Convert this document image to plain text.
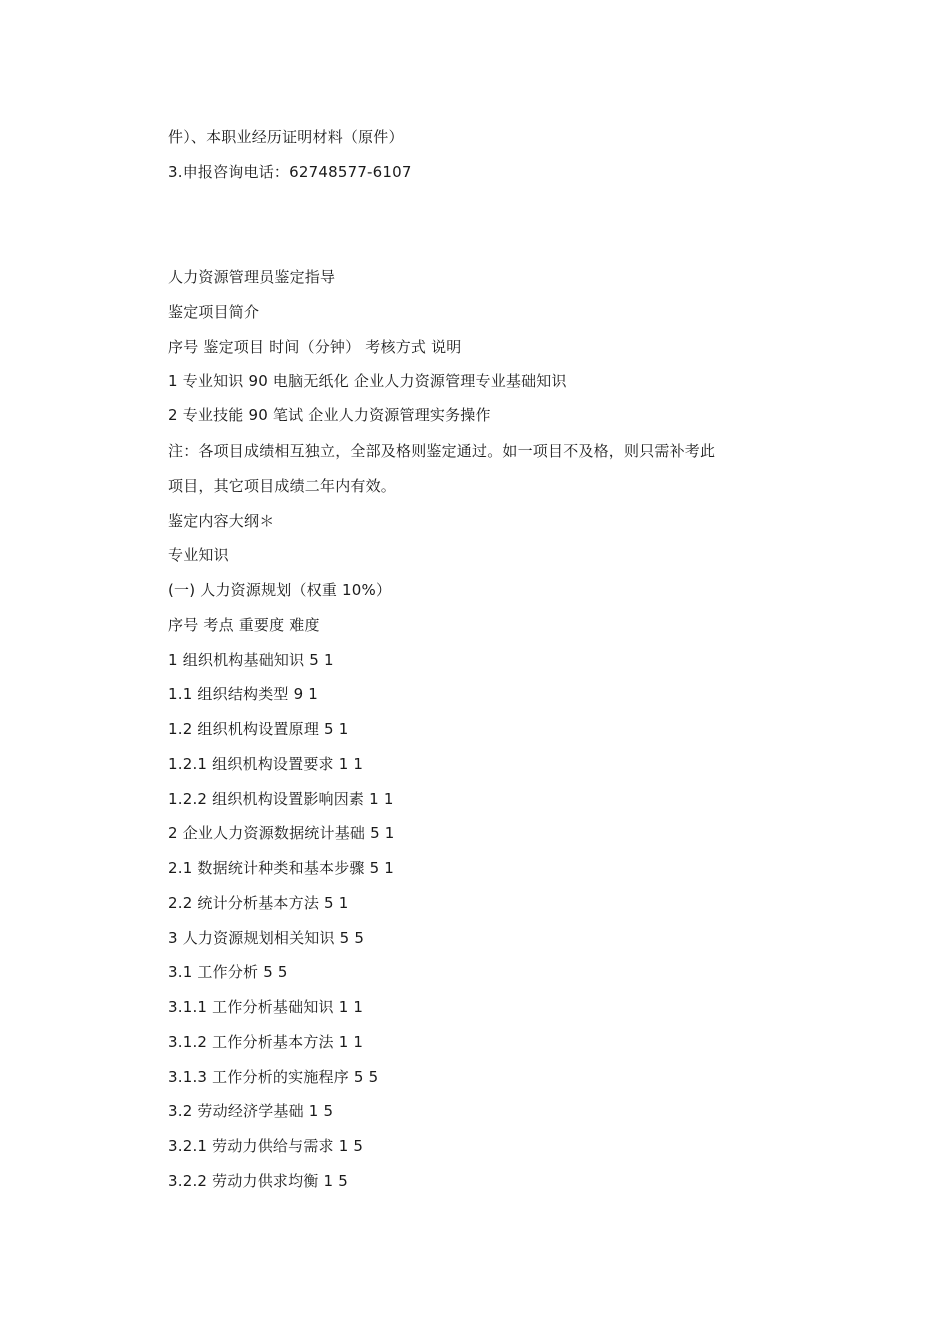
件）、本职业经历证明材料（原件）
3.申报咨询电话：62748577-6107
人力资源管理员鉴定指导
鉴定项目简介
序号 鉴定项目 时间（分钟） 考核方式 说明
1 专业知识 90 电脑无纸化 企业人力资源管理专业基础知识
2 专业技能 90 笔试 企业人力资源管理实务操作
注：各项目成绩相互独立，全部及格则鉴定通过。如一项目不及格，则只需补考此
项目，其它项目成绩二年内有效。
鉴定内容大纲＊
专业知识
(一) 人力资源规划（权重 10%）
序号 考点 重要度 难度
1 组织机构基础知识 5 1
1.1 组织结构类型 9 1
1.2 组织机构设置原理 5 1
1.2.1 组织机构设置要求 1 1
1.2.2 组织机构设置影响因素 1 1
2 企业人力资源数据统计基础 5 1
2.1 数据统计种类和基本步骤 5 1
2.2 统计分析基本方法 5 1
3 人力资源规划相关知识 5 5
3.1 工作分析 5 5
3.1.1 工作分析基础知识 1 1
3.1.2 工作分析基本方法 1 1
3.1.3 工作分析的实施程序 5 5
3.2 劳动经济学基础 1 5
3.2.1 劳动力供给与需求 1 5
3.2.2 劳动力供求均衡 1 5
